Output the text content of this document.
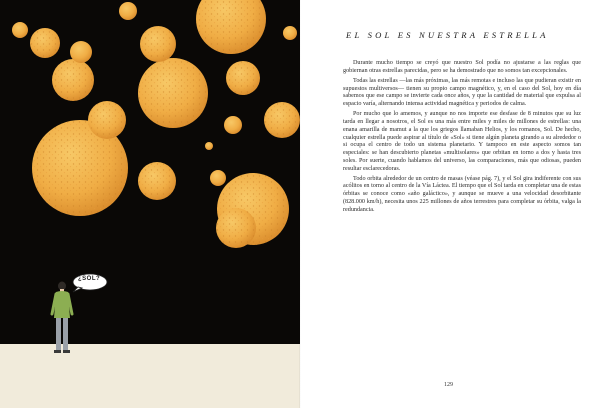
¿SOL?
EL SOL ES NUESTRA ESTRELLA

Durante mucho tiempo se creyó que nuestro Sol podía no ajustarse a las reglas que gobiernan otras estrellas parecidas, pero se ha demostrado que no somos tan excepcionales.

Todas las estrellas —las más próximas, las más remotas e incluso las que pudieran existir en supuestos multiversos— tienen su propio campo magnético, y, en el caso del Sol, hoy en día sabemos que ese campo se invierte cada once años, y que la cantidad de material que expulsa al espacio varía, alternando intensa actividad magnética y periodos de calma.

Por mucho que lo amemos, y aunque no nos importe ese desfase de 8 minutos que su luz tarda en llegar a nosotros, el Sol es una más entre miles y miles de millones de estrellas: una enana amarilla de mamut a la que los griegos llamaban Helios, y los romanos, Sol. De hecho, cualquier estrella puede aspirar al título de «Sol» si tiene algún planeta girando a su alrededor o si ocupa el centro de todo un sistema planetario. Y tampoco en este aspecto somos tan especiales: se han descubierto planetas «multisolares» que orbitan en torno a dos y hasta tres soles. Por suerte, cuando hablamos del universo, las comparaciones, más que odiosas, pueden resultar esclarecedoras.

Todo orbita alrededor de un centro de masas (véase pág. 7), y el Sol gira indiferente con sus acólitos en torno al centro de la Vía Láctea. El tiempo que el Sol tarda en completar una de estas órbitas se conoce como «año galáctico», y aunque se mueve a una velocidad desorbitante (828.000 km/h), necesita unos 225 millones de años terrestres para completar su órbita, valga la redundancia.

129
